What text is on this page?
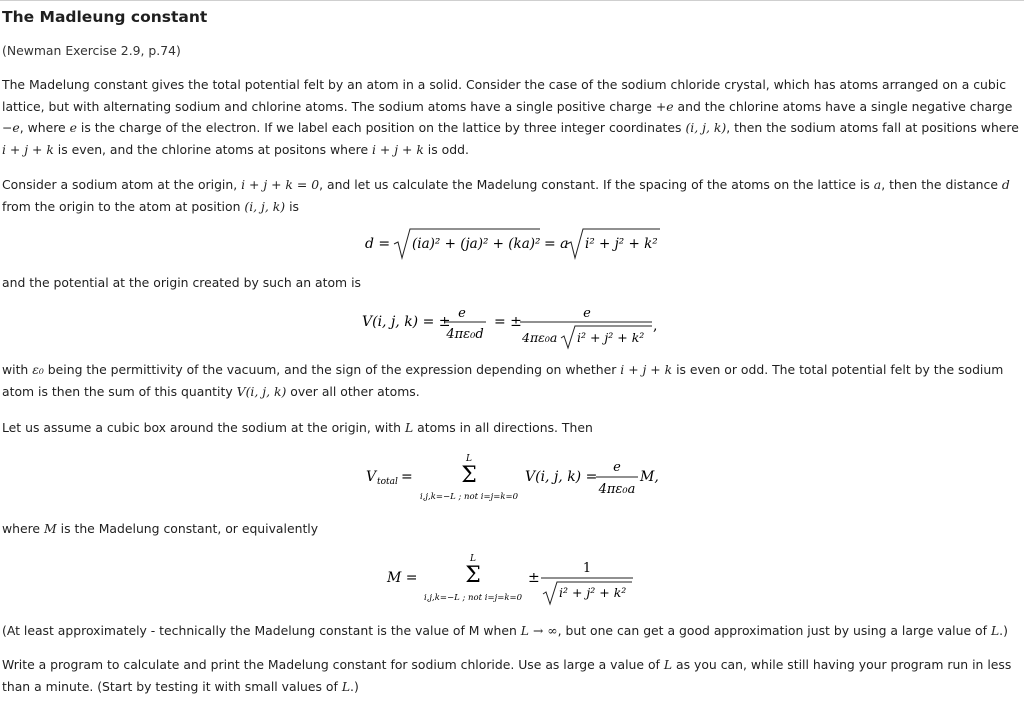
The Madleung constant
(Newman Exercise 2.9, p.74)

The Madelung constant gives the total potential felt by an atom in a solid. Consider the case of the sodium chloride crystal, which has atoms arranged on a cubic lattice, but with alternating sodium and chlorine atoms. The sodium atoms have a single positive charge +e and the chlorine atoms have a single negative charge −e, where e is the charge of the electron. If we label each position on the lattice by three integer coordinates (i, j, k), then the sodium atoms fall at positions where i + j + k is even, and the chlorine atoms at positons where i + j + k is odd.

Consider a sodium atom at the origin, i + j + k = 0, and let us calculate the Madelung constant. If the spacing of the atoms on the lattice is a, then the distance d from the origin to the atom at position (i, j, k) is

d = (ia)² + (ja)² + (ka)² = a i² + j² + k²

and the potential at the origin created by such an atom is

V(i, j, k) = ±
e
4πε₀d
= ±
e
4πε₀a i² + j² + k²
,

with ε₀ being the permittivity of the vacuum, and the sign of the expression depending on whether i + j + k is even or odd. The total potential felt by the sodium atom is then the sum of this quantity V(i, j, k) over all other atoms.

Let us assume a cubic box around the sodium at the origin, with L atoms in all directions. Then

V total =
L
Σ
i,j,k=−L ; not i=j=k=0
V(i, j, k) =
e
4πε₀a
M,

where M is the Madelung constant, or equivalently

M =
L
Σ
i,j,k=−L ; not i=j=k=0
±
1
i² + j² + k²

(At least approximately - technically the Madelung constant is the value of M when L → ∞, but one can get a good approximation just by using a large value of L.)

Write a program to calculate and print the Madelung constant for sodium chloride. Use as large a value of L as you can, while still having your program run in less than a minute. (Start by testing it with small values of L.)
